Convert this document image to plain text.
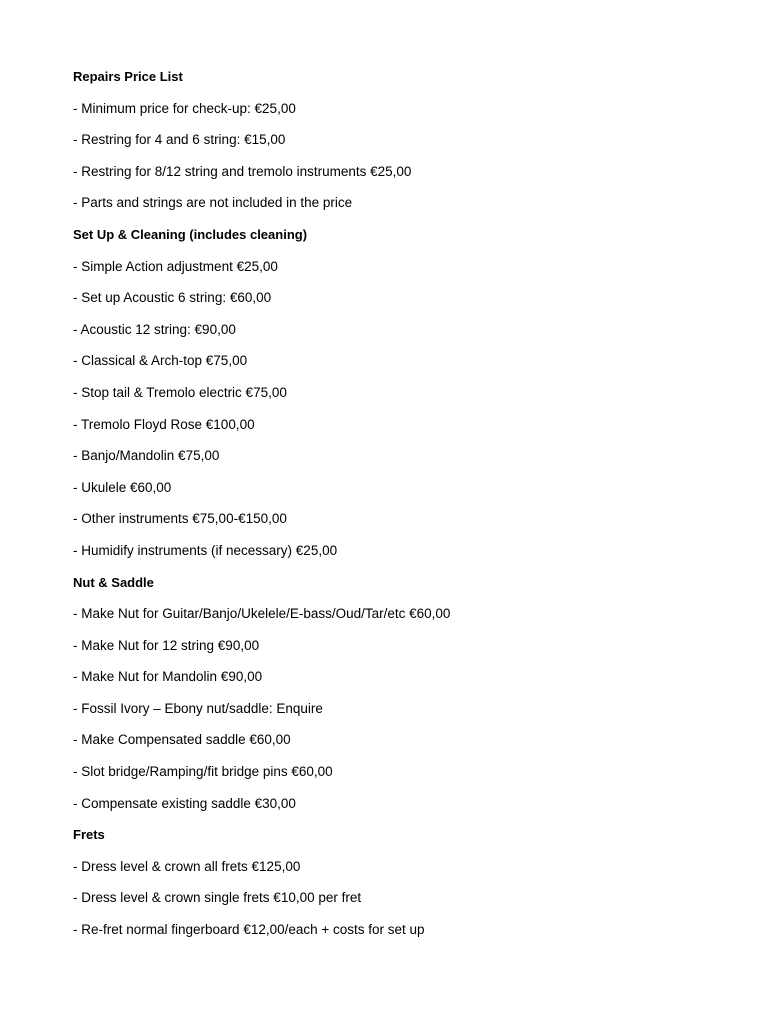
Repairs Price List
- Minimum price for check-up: €25,00
- Restring for 4 and 6 string: €15,00
- Restring for 8/12 string and tremolo instruments €25,00
- Parts and strings are not included in the price
Set Up & Cleaning (includes cleaning)
- Simple Action adjustment €25,00
- Set up Acoustic 6 string: €60,00
- Acoustic 12 string: €90,00
- Classical & Arch-top €75,00
- Stop tail & Tremolo electric €75,00
- Tremolo Floyd Rose €100,00
- Banjo/Mandolin €75,00
- Ukulele €60,00
- Other instruments €75,00-€150,00
- Humidify instruments (if necessary) €25,00
Nut & Saddle
- Make Nut for Guitar/Banjo/Ukelele/E-bass/Oud/Tar/etc €60,00
- Make Nut for 12 string €90,00
- Make Nut for Mandolin €90,00
- Fossil Ivory – Ebony nut/saddle: Enquire
- Make Compensated saddle €60,00
- Slot bridge/Ramping/fit bridge pins €60,00
- Compensate existing saddle €30,00
Frets
- Dress level & crown all frets €125,00
- Dress level & crown single frets €10,00 per fret
- Re-fret normal fingerboard €12,00/each + costs for set up
